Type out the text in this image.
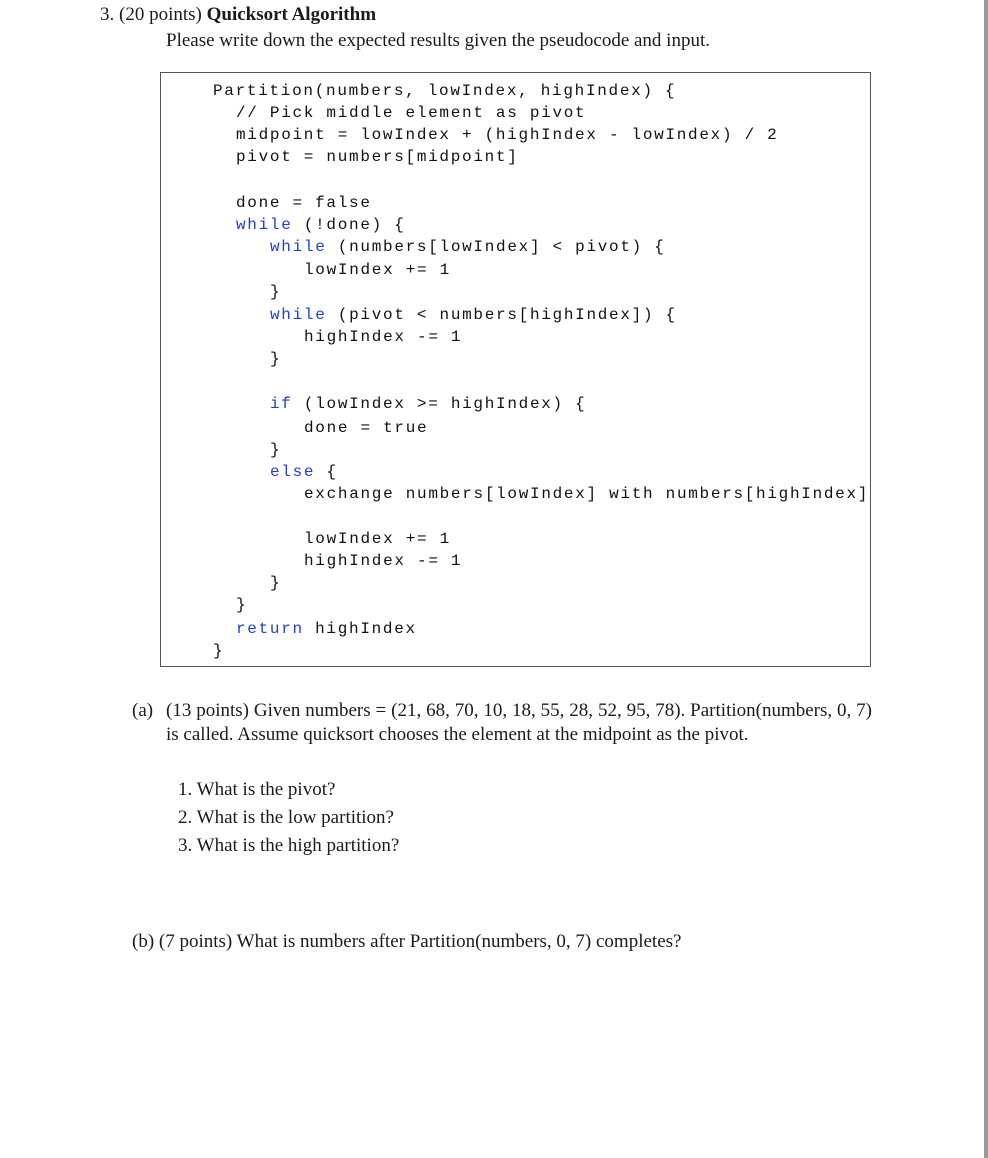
3. (20 points) Quicksort Algorithm
Please write down the expected results given the pseudocode and input.
Partition(numbers, lowIndex, highIndex) {
// Pick middle element as pivot
midpoint = lowIndex + (highIndex - lowIndex) / 2
pivot = numbers[midpoint]
done = false
while (!done) {
while (numbers[lowIndex] < pivot) {
lowIndex += 1
}
while (pivot < numbers[highIndex]) {
highIndex -= 1
}
if (lowIndex >= highIndex) {
done = true
}
else {
exchange numbers[lowIndex] with numbers[highIndex]
lowIndex += 1
highIndex -= 1
}
}
return highIndex
}
(a) (13 points) Given numbers = (21, 68, 70, 10, 18, 55, 28, 52, 95, 78). Partition(numbers, 0, 7) is called. Assume quicksort chooses the element at the midpoint as the pivot.
1. What is the pivot?
2. What is the low partition?
3. What is the high partition?
(b) (7 points) What is numbers after Partition(numbers, 0, 7) completes?
